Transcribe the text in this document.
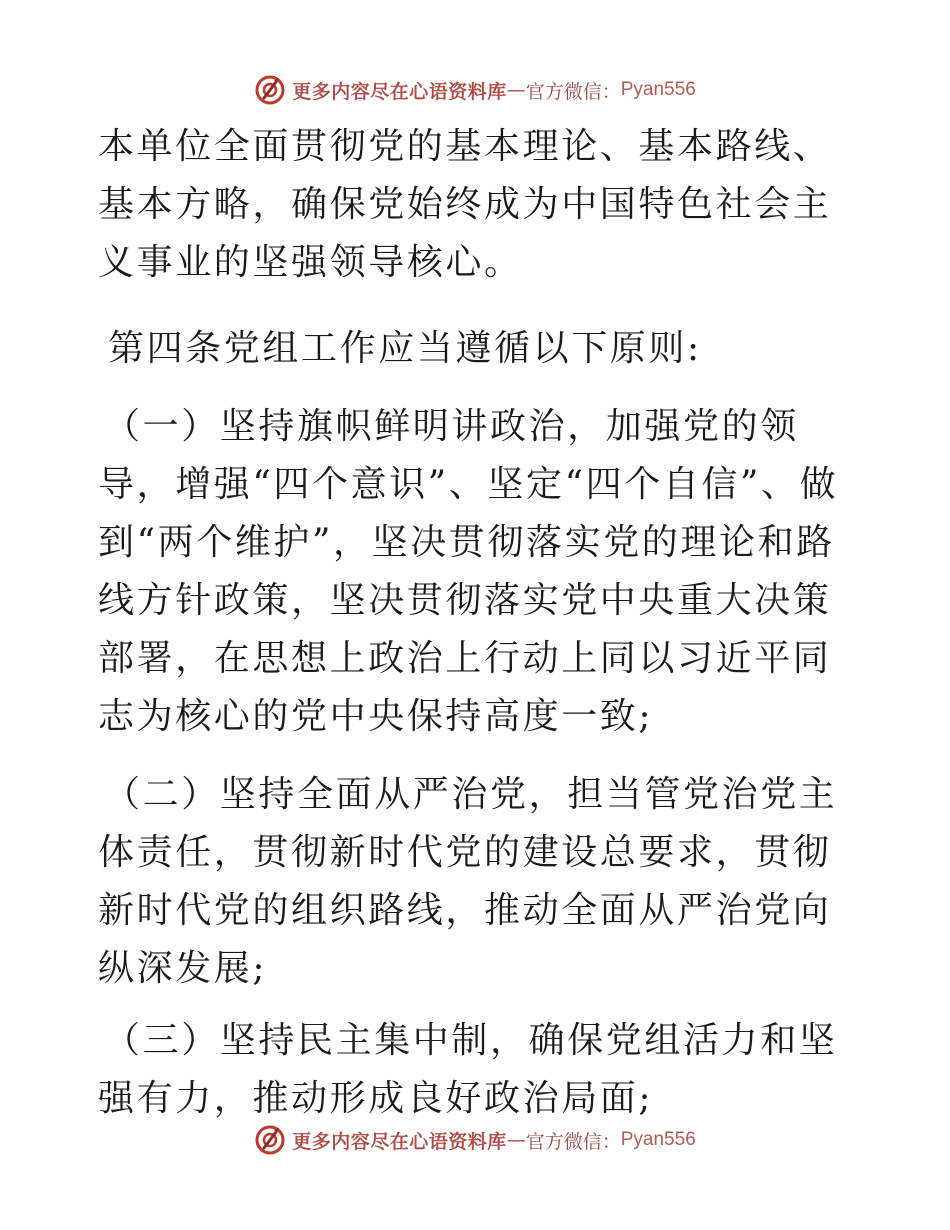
更多内容尽在心语资料库 — 官方微信： Pyan556

本单位全面贯彻党的基本理论、基本路线、基本方略，确保党始终成为中国特色社会主义事业的坚强领导核心。

第四条党组工作应当遵循以下原则:

（一）坚持旗帜鲜明讲政治，加强党的领导，增强“四个意识”、坚定“四个自信”、做到“两个维护”，坚决贯彻落实党的理论和路线方针政策，坚决贯彻落实党中央重大决策部署，在思想上政治上行动上同以习近平同志为核心的党中央保持高度一致;

（二）坚持全面从严治党，担当管党治党主体责任，贯彻新时代党的建设总要求，贯彻新时代党的组织路线，推动全面从严治党向纵深发展;

（三）坚持民主集中制，确保党组活力和坚强有力，推动形成良好政治局面;

更多内容尽在心语资料库 — 官方微信： Pyan556
